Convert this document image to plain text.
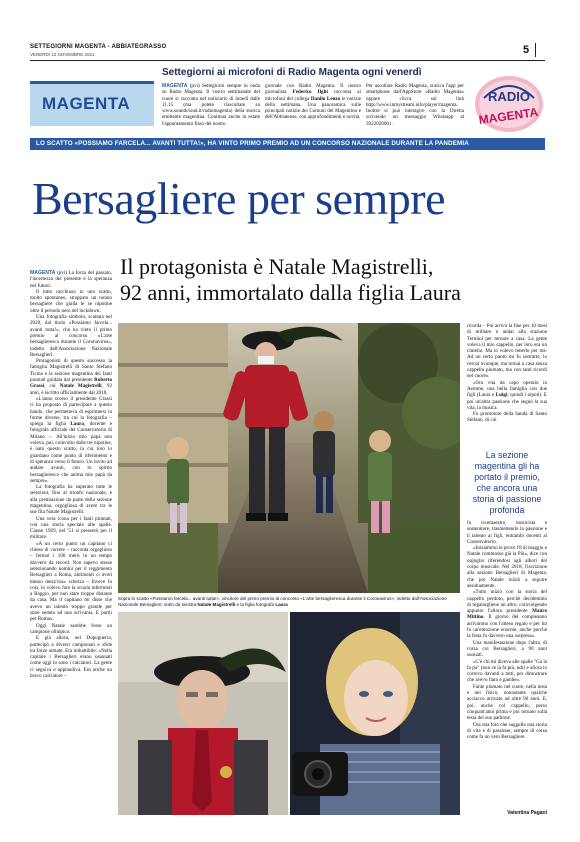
SETTEGIORNI MAGENTA - ABBIATEGRASSO
VENERDÌ 12 NOVEMBRE 2021	5
Settegiorni ai microfoni di Radio Magenta ogni venerdì
MAGENTA
MAGENTA (pvi) Settegiorni sempre in onda su Radio Magenta. Il vostro settimanale del cuore si racconta nel notiziario di lunedì dalle 11.15 (ma potete riascoltare su www.soundcloud.it/radiomagenta) della storica emittente magentina. Continua anche in estate l'appuntamento fisso del nostro
giornale con Radio Magenta. Il nostro giornalista Federico Ilghi racconta ai microfoni del collega Danilo Lenzo le notizie della settimana. Una panoramica sulle principali notizie dei Comuni del Magentino e dell'Abbiatense, con approfondimenti e novità.
Per ascoltare Radio Magenta, scarica l'app per smartphone dall'AppStore «Radio Magenta» oppure clicca sul link http://www.inmystream.info/player/magenta. Inoltre si può interagire con la Diretta scrivendo un messaggio Whatsapp al 3922020001.
RADIO
MAGENTA
LO SCATTO «POSSIAMO FARCELA... AVANTI TUTTA!», HA VINTO PRIMO PREMIO AD UN CONCORSO NAZIONALE DURANTE LA PANDEMIA
Bersagliere per sempre
Il protagonista è Natale Magistrelli,
92 anni, immortalato dalla figlia Laura
MAGENTA (pvi) La forza del passato, l'incertezza del presente e la speranza nel futuro.
Il tutto racchiuso in uno scatto, molto spontaneo, strappato un nonno bersagliere che guida le se nipotine oltre il periodo nero del lockdown.
Una fotografia simbolo, scattata nel 2020, dal titolo «Possiamo farcela... avanti tutta!», che ha vinto il primo premio al concorso «L'arte bersaglieresca durante il Coronavirus», indetto dall'Associazione Nazionale Bersaglieri.
Protagonisti di questo successo la famiglia Magistrelli di Santo Stefano Ticino e la sezione magentina dei fanti piumati guidata dal presidente Roberto Grassi, cui Natale Magistrelli, 92 anni, è iscritto ufficialmente dal 2018.
«L'anno scorso il presidente Grassi ci ha proposto di partecipare a questo bando, che permetteva di esprimersi in forme diverse, tra cui la fotografia – spiega la figlia Laura, docente e fotografa ufficiale del Conservatorio di Milano –. All'inizio mio papà non voleva, poi, coinvolto dalle tre nipotine, è nato questo scatto, in cui loro lo guardano come punto di riferimento e di speranza verso il futuro. Un invito ad andare avanti, con lo spirito bersaglieresco che anima mio papà da sempre».
La fotografia ha superato tutte le selezioni, fino al trionfo nazionale, e alla premiazione da parte della sezione magentina, orgogliosa di avere tra le sue fila Natale Magistrelli.
Una vera icona per i fanti piumati, con una storia speciale alle spalle. Classe 1929, nel '51 si presentò per il militare.
«A un certo punto un capitano ci chiese di correre – racconta orgoglioso – fermai i 100 metri in un tempo davvero da record. Non sapevo stesse selezionando uomini per il reggimento Bersaglieri a Roma, altrimenti ci avrei messo mezz'ora» scherza – Invece fu così, lo volevo fare la scuola infermieri a Baggio, per non stare troppo distante da casa. Ma il capitano mi disse che avevo un talento troppo grande per stare seduto ad una scrivania. E partii per Roma».
Oggi Natale sarebbe forse un campione olimpico.
E già allora, nel Dopoguerra, partecipò a diversi campionati e sfide tra forze armate. Era imbattibile: «Nella capitale i Bersaglieri erano osannati come oggi lo sono i calciatori. La gente ci seguiva e applaudiva. Ero anche un bravo calciatore –
Sopra lo scatto «Possiamo farcela... avanti tutta!», vincitore del primo premio al concorso «L'arte bersaglieresca durante il Coronavirus», indetto dall'Associazione Nazionale Bersaglieri; sotto da sinistra Natale Magistrelli e la figlia fotografa Laura
ricorda – Poi arrivò la fine per 10 mesi di militare e andai alla stazione Termini per tornare a casa. La gente voleva il mio cappello, per loro era un cimelio. Ma io volevo tenerlo per me. Ad un certo punto mi fu sottratto, lo cercai ovunque, ma tornai a casa senza cappello piumato, ma con tanti ricordi nel cuore».
«Ora vita da capo operaio in Aemme, una bella famiglia con due figli (Laura e Luigi, quindi i nipoti). E poi un'altra passione che segnò la sua vita, la musica.
Fu promotore della banda di Santo Stefano, di cui
La sezione magentina gli ha portato il premio, che ancora una storia di passione profonda
fu vicemaestro, musicista e sostenitore, trasmettendo la passione e il talento ai figli, entrambi docenti al Conservatorio.
«Iniziammo le prove l'8 di maggio e Natale commosso già la Più», dice con orgoglio riferendosi agli albori del corpo musicale. Nel 2018, l'iscrizione alla sezione Bersaglieri di Magenta, che poi Natale iniziò a seguire assiduamente.
«Tutto iniziò con la storia del cappello perduto, perché decidemmo di regalargliene un altro, coinvolgendo appunto l'allora presidente Mauro Mittino. Il giorno del compleanno arrivarono con l'atteso regalo e per lui fu un'emozione enorme, anche perché la festa fu davvero una sorpresa».
Una manifestazione dopo l'altra, di corsa coi Bersaglieri, a 90 anni suonati.
«C'è chi mi diceva alle spalle "Ga la fa pu" (non ce la fa più, ndr) e allora io correvo davanti a tutti, per dimostrare che avevo fiato e gambe».
Fante piumato nel cuore, nella testa e nel fisico, nonostante qualche acciacco arrivato ad oltre 90 anni. E, poi, anche col cappello, perso cinquant'anni prima e poi tornato sulla testa del suo padrone.
Ora una foto che suggella una storia di vita e di passione, sempre di corsa come fa un vero Bersagliere.
Valentina Pagani
